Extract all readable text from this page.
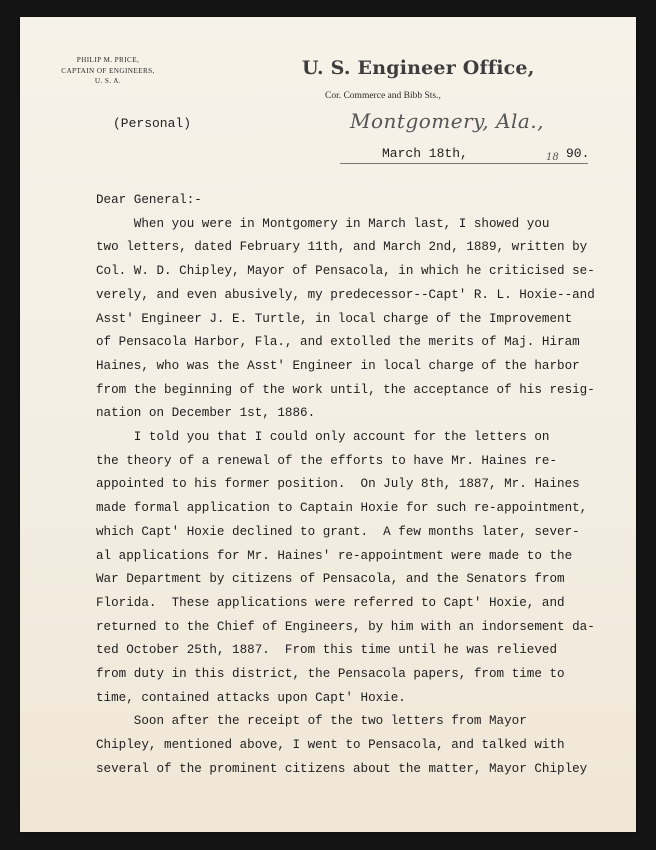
PHILIP M. PRICE,
CAPTAIN OF ENGINEERS,
U. S. A.
U. S. Engineer Office,
Cor. Commerce and Bibb Sts.,
Montgomery, Ala.,
(Personal)
March 18th,	18 90.
Dear General:-
When you were in Montgomery in March last, I showed you
two letters, dated February 11th, and March 2nd, 1889, written by
Col. W. D. Chipley, Mayor of Pensacola, in which he criticised se-
verely, and even abusively, my predecessor--Capt' R. L. Hoxie--and
Asst' Engineer J. E. Turtle, in local charge of the Improvement
of Pensacola Harbor, Fla., and extolled the merits of Maj. Hiram
Haines, who was the Asst' Engineer in local charge of the harbor
from the beginning of the work until, the acceptance of his resig-
nation on December 1st, 1886.
I told you that I could only account for the letters on
the theory of a renewal of the efforts to have Mr. Haines re-
appointed to his former position.  On July 8th, 1887, Mr. Haines
made formal application to Captain Hoxie for such re-appointment,
which Capt' Hoxie declined to grant.  A few months later, sever-
al applications for Mr. Haines' re-appointment were made to the
War Department by citizens of Pensacola, and the Senators from
Florida.  These applications were referred to Capt' Hoxie, and
returned to the Chief of Engineers, by him with an indorsement da-
ted October 25th, 1887.  From this time until he was relieved
from duty in this district, the Pensacola papers, from time to
time, contained attacks upon Capt' Hoxie.
Soon after the receipt of the two letters from Mayor
Chipley, mentioned above, I went to Pensacola, and talked with
several of the prominent citizens about the matter, Mayor Chipley
